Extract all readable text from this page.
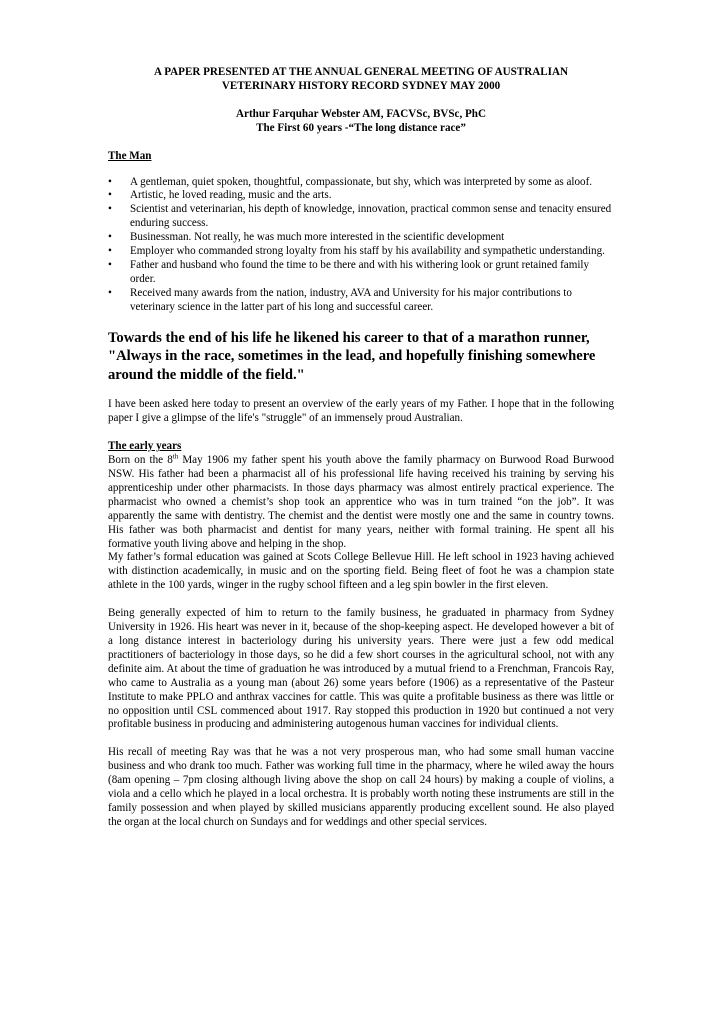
A PAPER PRESENTED AT THE ANNUAL GENERAL MEETING OF AUSTRALIAN

VETERINARY HISTORY RECORD SYDNEY MAY 2000

Arthur Farquhar Webster AM, FACVSc, BVSc, PhC

The First 60 years -“The long distance race”

The Man

• A gentleman, quiet spoken, thoughtful, compassionate, but shy, which was interpreted by some as aloof.
• Artistic, he loved reading, music and the arts.
• Scientist and veterinarian, his depth of knowledge, innovation, practical common sense and tenacity ensured enduring success.
• Businessman. Not really, he was much more interested in the scientific development
• Employer who commanded strong loyalty from his staff by his availability and sympathetic understanding.
• Father and husband who found the time to be there and with his withering look or grunt retained family order.
• Received many awards from the nation, industry, AVA and University for his major contributions to veterinary science in the latter part of his long and successful career.

Towards the end of his life he likened his career to that of a marathon runner, "Always in the race, sometimes in the lead, and hopefully finishing somewhere around the middle of the field."

I have been asked here today to present an overview of the early years of my Father. I hope that in the following paper I give a glimpse of the life's "struggle" of an immensely proud Australian.

The early years

Born on the 8th May 1906 my father spent his youth above the family pharmacy on Burwood Road Burwood NSW. His father had been a pharmacist all of his professional life having received his training by serving his apprenticeship under other pharmacists. In those days pharmacy was almost entirely practical experience. The pharmacist who owned a chemist’s shop took an apprentice who was in turn trained “on the job”. It was apparently the same with dentistry. The chemist and the dentist were mostly one and the same in country towns. His father was both pharmacist and dentist for many years, neither with formal training. He spent all his formative youth living above and helping in the shop.

My father’s formal education was gained at Scots College Bellevue Hill. He left school in 1923 having achieved with distinction academically, in music and on the sporting field. Being fleet of foot he was a champion state athlete in the 100 yards, winger in the rugby school fifteen and a leg spin bowler in the first eleven.

Being generally expected of him to return to the family business, he graduated in pharmacy from Sydney University in 1926. His heart was never in it, because of the shop-keeping aspect. He developed however a bit of a long distance interest in bacteriology during his university years. There were just a few odd medical practitioners of bacteriology in those days, so he did a few short courses in the agricultural school, not with any definite aim. At about the time of graduation he was introduced by a mutual friend to a Frenchman, Francois Ray, who came to Australia as a young man (about 26) some years before (1906) as a representative of the Pasteur Institute to make PPLO and anthrax vaccines for cattle. This was quite a profitable business as there was little or no opposition until CSL commenced about 1917. Ray stopped this production in 1920 but continued a not very profitable business in producing and administering autogenous human vaccines for individual clients.

His recall of meeting Ray was that he was a not very prosperous man, who had some small human vaccine business and who drank too much. Father was working full time in the pharmacy, where he wiled away the hours (8am opening – 7pm closing although living above the shop on call 24 hours) by making a couple of violins, a viola and a cello which he played in a local orchestra. It is probably worth noting these instruments are still in the family possession and when played by skilled musicians apparently producing excellent sound. He also played the organ at the local church on Sundays and for weddings and other special services.
